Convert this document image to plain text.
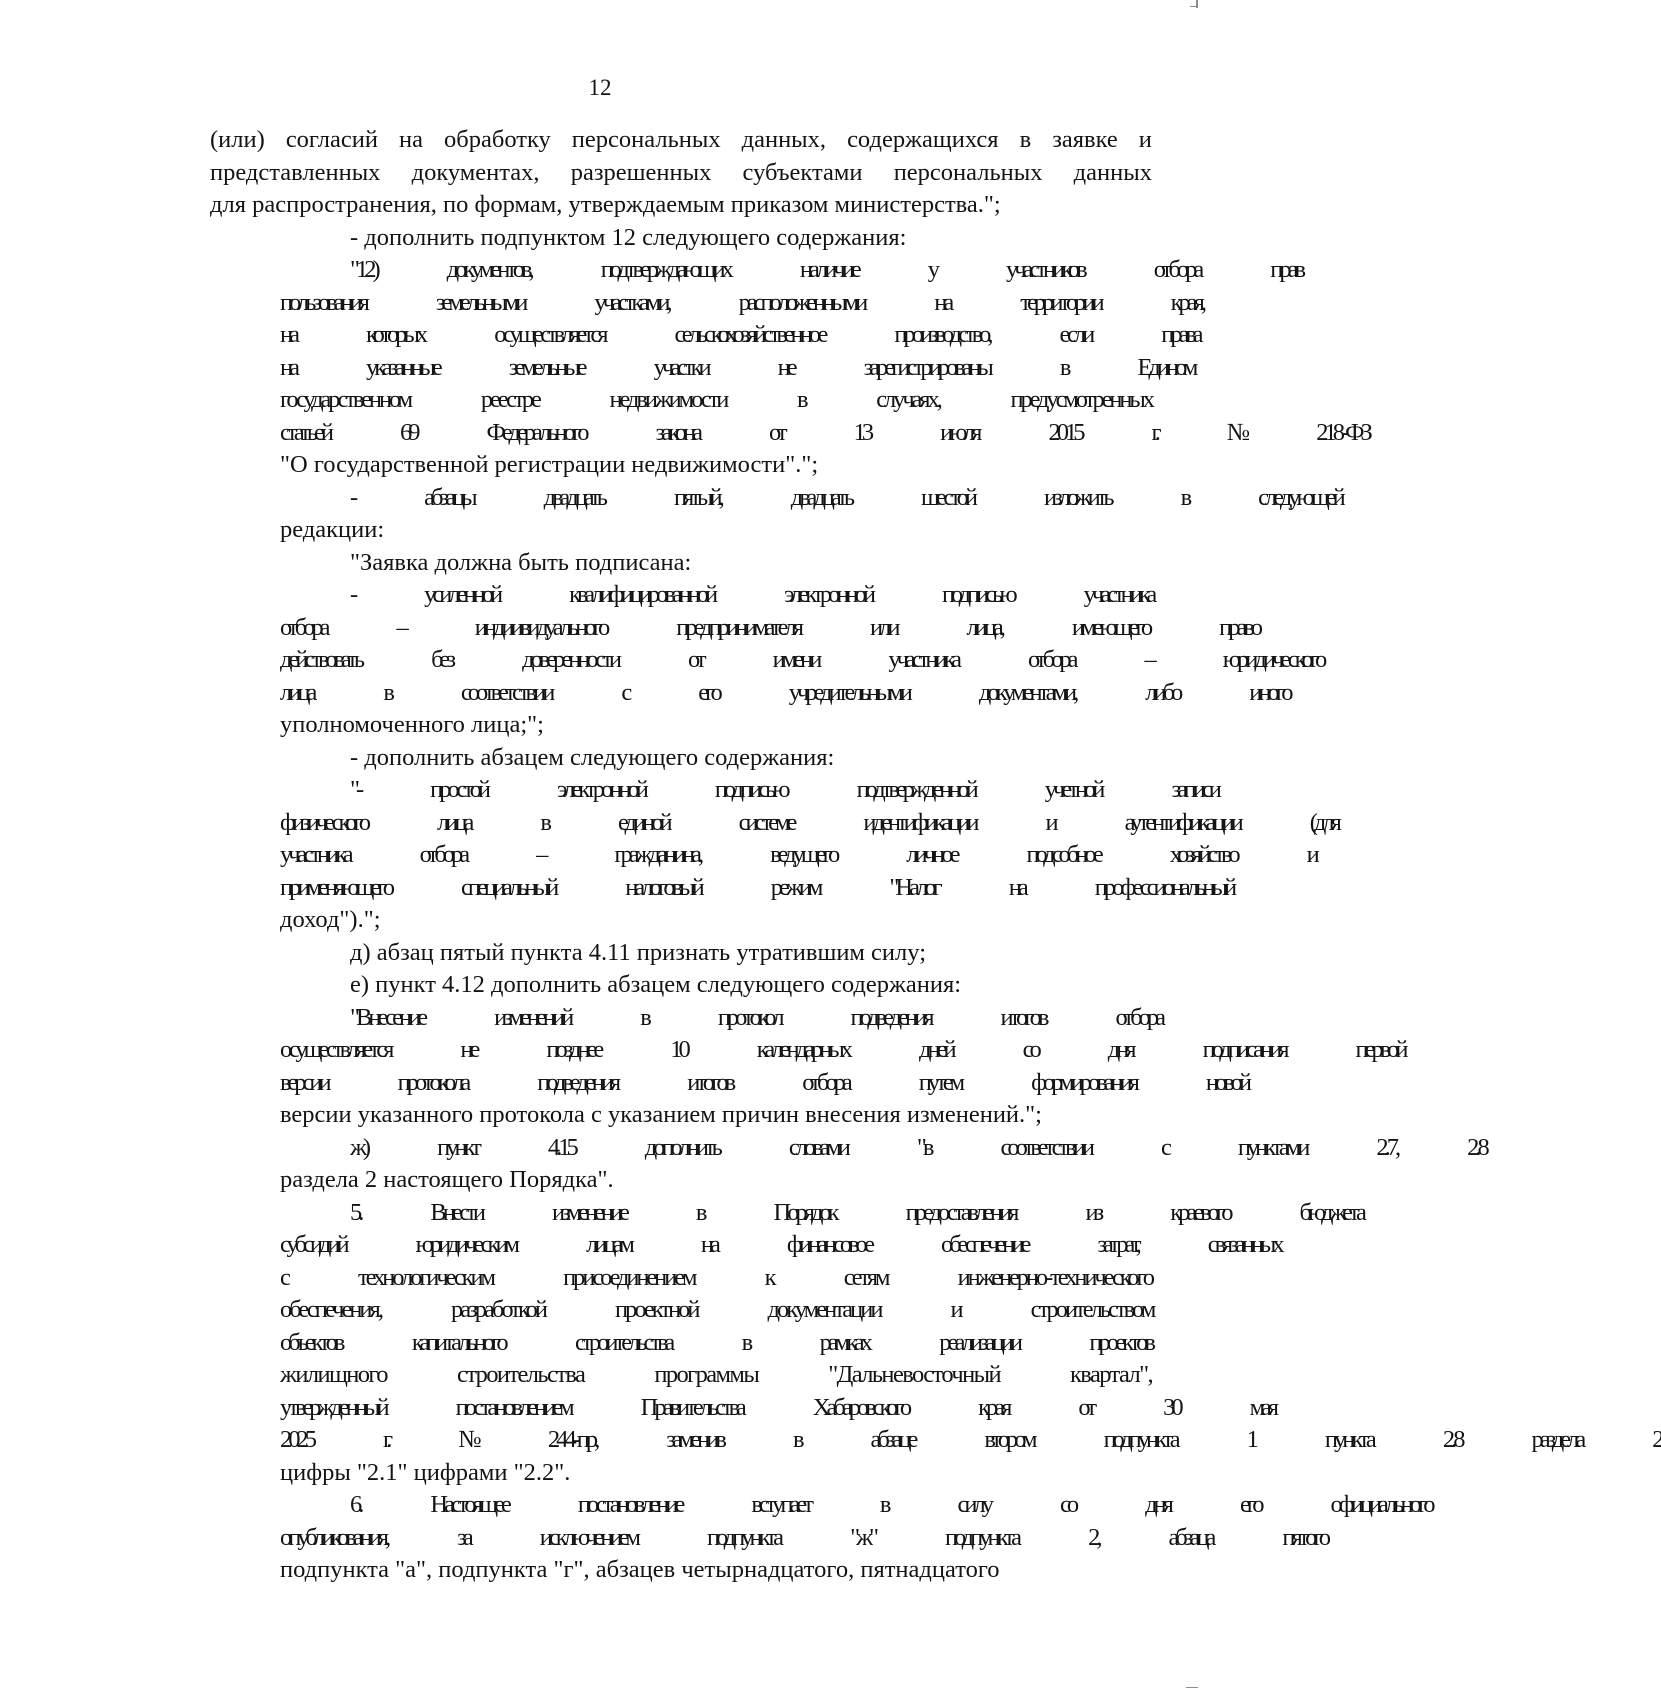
12
(или) согласий на обработку персональных данных, содержащихся в заявке и
представленных документах, разрешенных субъектами персональных данных
для распространения, по формам, утверждаемым приказом министерства.";
- дополнить подпунктом 12 следующего содержания:
"12)	документов,	подтверждающих	наличие	у	участников	отбора	прав
пользования	земельными	участками,	расположенными	на	территории	края,
на	которых	осуществляется	сельскохозяйственное	производство,	если	права
на	указанные	земельные	участки	не	зарегистрированы	в	Едином
государственном	реестре	недвижимости	в	случаях,	предусмотренных
статьей	69	Федерального	закона	от	13	июля	2015	г.	№	218-ФЗ
"О государственной регистрации недвижимости".";
-	абзацы	двадцать	пятый,	двадцать	шестой	изложить	в	следующей
редакции:
"Заявка должна быть подписана:
-	усиленной	квалифицированной	электронной	подписью	участника
отбора	–	индиивидуального	предпринимателя	или	лица,	имеющего	право
действовать	без	доверенности	от	имени	участника	отбора	–	юридического
лица	в	соответствии	с	его	учредительными	документами,	либо	иного
уполномоченного лица;";
- дополнить абзацем следующего содержания:
"-	простой	электронной	подписью	подтвержденной	учетной	записи
физического	лица	в	единой	системе	идентификации	и	аутентификации	(для
участника	отбора	–	гражданина,	ведущего	личное	подсобное	хозяйство	и
применяющего	специальный	налоговый	режим	"Налог	на	профессиональный
доход").";
д) абзац пятый пункта 4.11 признать утратившим силу;
е) пункт 4.12 дополнить абзацем следующего содержания:
"Внесение	изменений	в	протокол	подведения	итогов	отбора
осуществляется	не	позднее	10	календарных	дней	со	дня	подписания	первой
версии	протокола	подведения	итогов	отбора	путем	формирования	новой
версии указанного протокола с указанием причин внесения изменений.";
ж)	пункт	4.15	дополнить	словами	"в	соответствии	с	пунктами	2.7,	2.8
раздела 2 настоящего Порядка".
5.	Внести	изменение	в	Порядок	предоставления	из	краевого	бюджета
субсидий	юридическим	лицам	на	финансовое	обеспечение	затрат,	связанных
с	технологическим	присоединением	к	сетям	инженерно-технического
обеспечения,	разработкой	проектной	документации	и	строительством
объектов	капитального	строительства	в	рамках	реализации	проектов
жилищного	строительства	программы	"Дальневосточный	квартал",
утвержденный	постановлением	Правительства	Хабаровского	края	от	30	мая
2025	г.	№	244-пр,	заменив	в	абзаце	втором	подпункта	1	пункта	2.8	раздела	2
цифры "2.1" цифрами "2.2".
6.	Настоящее	постановление	вступает	в	силу	со	дня	его	официального
опубликования,	за	исключением	подпункта	"ж"	подпункта	2,	абзаца	пятого
подпункта "а", подпункта "г", абзацев четырнадцатого, пятнадцатого
